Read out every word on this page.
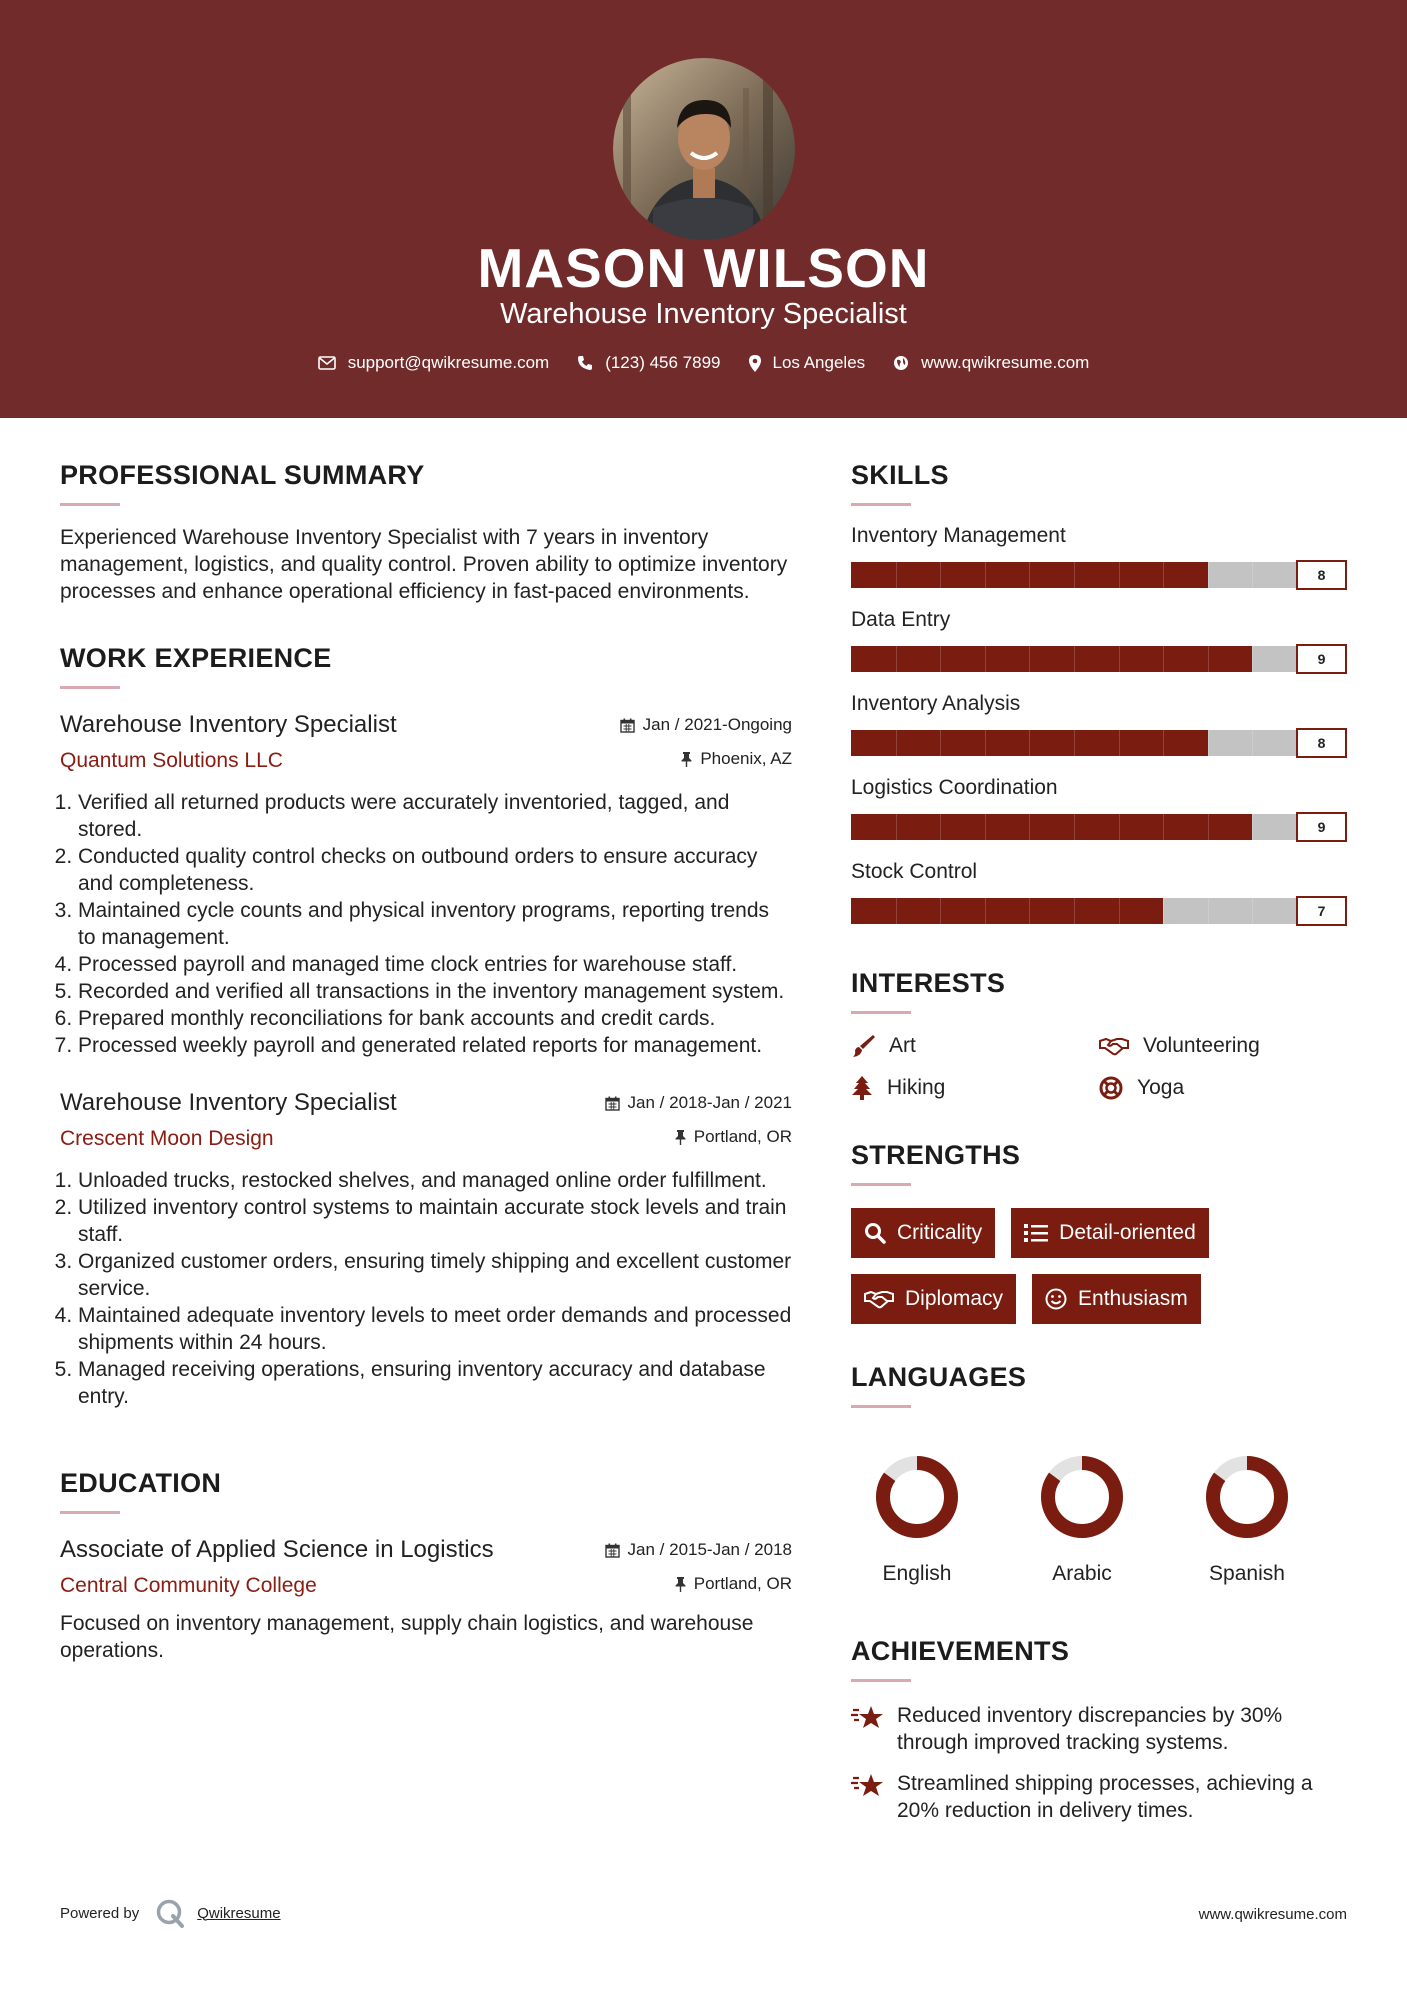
MASON WILSON
Warehouse Inventory Specialist
support@qwikresume.com	(123) 456 7899	Los Angeles	www.qwikresume.com
PROFESSIONAL SUMMARY
Experienced Warehouse Inventory Specialist with 7 years in inventory management, logistics, and quality control. Proven ability to optimize inventory processes and enhance operational efficiency in fast-paced environments.
WORK EXPERIENCE
Warehouse Inventory Specialist
Quantum Solutions LLC
Jan / 2021-Ongoing
Phoenix, AZ
1. Verified all returned products were accurately inventoried, tagged, and stored.
2. Conducted quality control checks on outbound orders to ensure accuracy and completeness.
3. Maintained cycle counts and physical inventory programs, reporting trends to management.
4. Processed payroll and managed time clock entries for warehouse staff.
5. Recorded and verified all transactions in the inventory management system.
6. Prepared monthly reconciliations for bank accounts and credit cards.
7. Processed weekly payroll and generated related reports for management.
Warehouse Inventory Specialist
Crescent Moon Design
Jan / 2018-Jan / 2021
Portland, OR
1. Unloaded trucks, restocked shelves, and managed online order fulfillment.
2. Utilized inventory control systems to maintain accurate stock levels and train staff.
3. Organized customer orders, ensuring timely shipping and excellent customer service.
4. Maintained adequate inventory levels to meet order demands and processed shipments within 24 hours.
5. Managed receiving operations, ensuring inventory accuracy and database entry.
EDUCATION
Associate of Applied Science in Logistics
Central Community College
Jan / 2015-Jan / 2018
Portland, OR
Focused on inventory management, supply chain logistics, and warehouse operations.
SKILLS
Inventory Management
8
Data Entry
9
Inventory Analysis
8
Logistics Coordination
9
Stock Control
7
INTERESTS
Art	Volunteering
Hiking	Yoga
STRENGTHS
Criticality	Detail-oriented
Diplomacy	Enthusiasm
LANGUAGES
English	Arabic	Spanish
ACHIEVEMENTS
Reduced inventory discrepancies by 30% through improved tracking systems.
Streamlined shipping processes, achieving a 20% reduction in delivery times.
Powered by	Qwikresume	www.qwikresume.com
